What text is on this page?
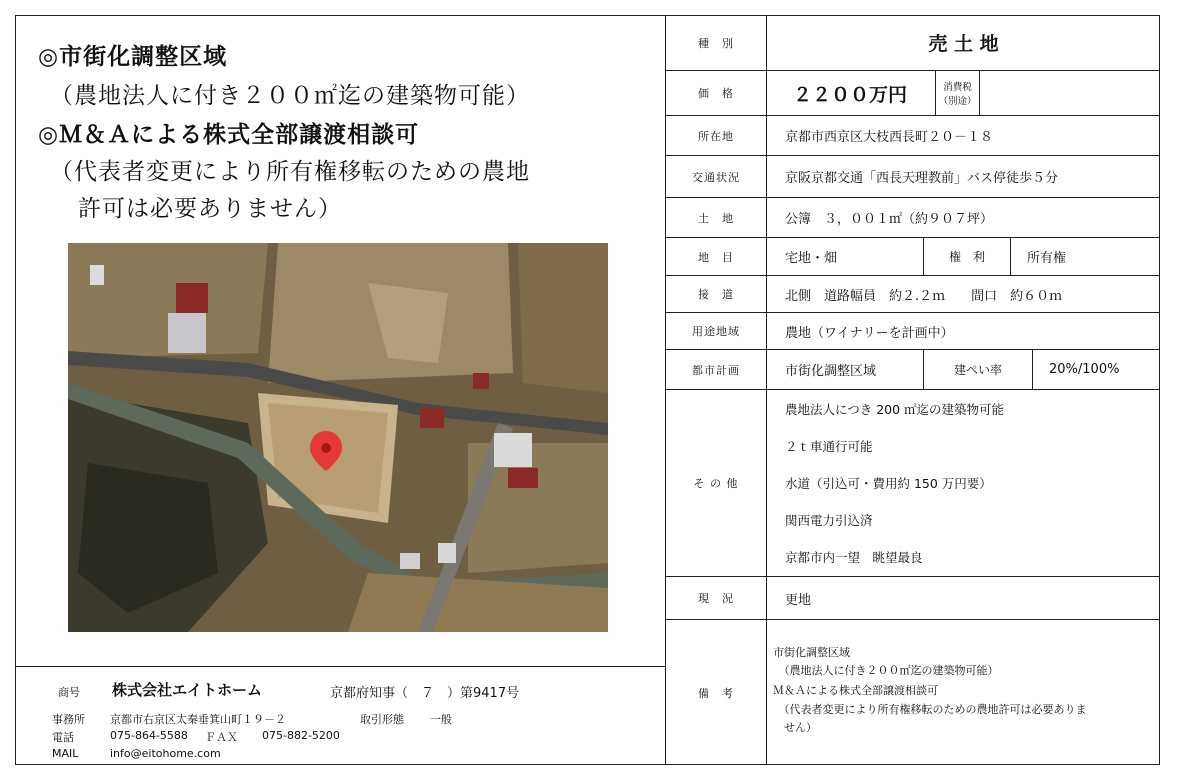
◎市街化調整区域
（農地法人に付き２００㎡迄の建築物可能）
◎Ｍ＆Ａによる株式全部譲渡相談可
（代表者変更により所有権移転のための農地
許可は必要ありません）
商号 株式会社エイトホーム	京都府知事（　７　）第9417号
事務所 京都市右京区太秦垂箕山町１９－２	取引形態 一般
電話	075-864-5588 ＦＡＸ 075-882-5200
MAIL	info@eitohome.com
種　別	売 土 地
価　格	２２００万円	消費税
（別途）
所在地	京都市西京区大枝西長町２０－１８
交通状況	京阪京都交通「西長天理教前」バス停徒歩５分
土　地	公簿　３，００１㎡（約９０７坪）
地　目	宅地・畑	権　利	所有権
接　道	北側　道路幅員　約２.２ｍ　　間口　約６０ｍ
用途地域	農地（ワイナリーを計画中）
都市計画	市街化調整区域	建ぺい率	20%/100%
そ の 他
農地法人につき 200 ㎡迄の建築物可能
２ｔ車通行可能
水道（引込可・費用約 150 万円要）
関西電力引込済
京都市内一望　眺望最良
現　況	更地
備　考
市街化調整区域
　（農地法人に付き２００㎡迄の建築物可能）
Ｍ＆Ａによる株式全部譲渡相談可
　（代表者変更により所有権移転のための農地許可は必要ありま
　せん）
